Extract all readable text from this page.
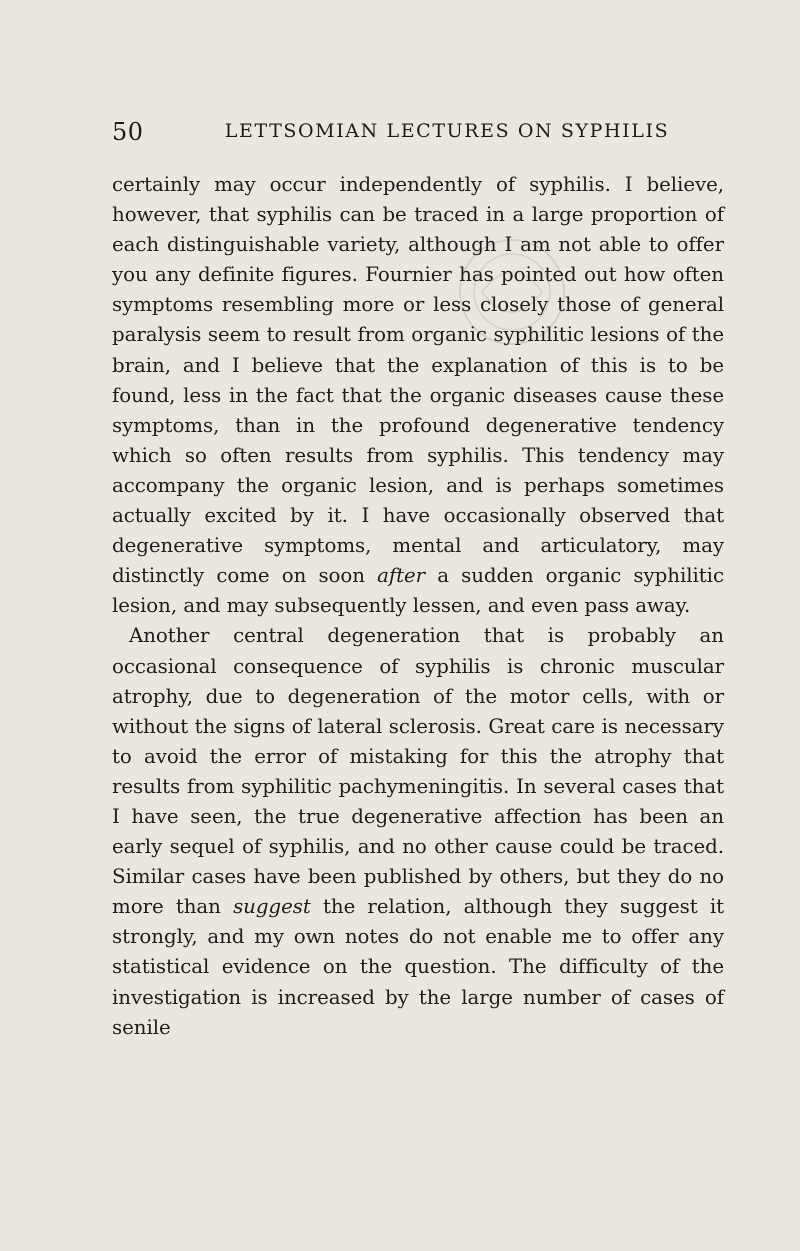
50	LETTSOMIAN LECTURES ON SYPHILIS

certainly may occur independently of syphilis. I believe, however, that syphilis can be traced in a large proportion of each distinguishable variety, although I am not able to offer you any definite figures. Fournier has pointed out how often symptoms resembling more or less closely those of general paralysis seem to result from organic syphilitic lesions of the brain, and I believe that the explanation of this is to be found, less in the fact that the organic diseases cause these symptoms, than in the profound degenerative tendency which so often results from syphilis. This tendency may accompany the organic lesion, and is perhaps sometimes actually excited by it. I have occasionally observed that degenerative symptoms, mental and articulatory, may distinctly come on soon after a sudden organic syphilitic lesion, and may subsequently lessen, and even pass away.

Another central degeneration that is probably an occasional consequence of syphilis is chronic muscular atrophy, due to degeneration of the motor cells, with or without the signs of lateral sclerosis. Great care is necessary to avoid the error of mistaking for this the atrophy that results from syphilitic pachymeningitis. In several cases that I have seen, the true degenerative affection has been an early sequel of syphilis, and no other cause could be traced. Similar cases have been published by others, but they do no more than suggest the relation, although they suggest it strongly, and my own notes do not enable me to offer any statistical evidence on the question. The difficulty of the investigation is increased by the large number of cases of senile
